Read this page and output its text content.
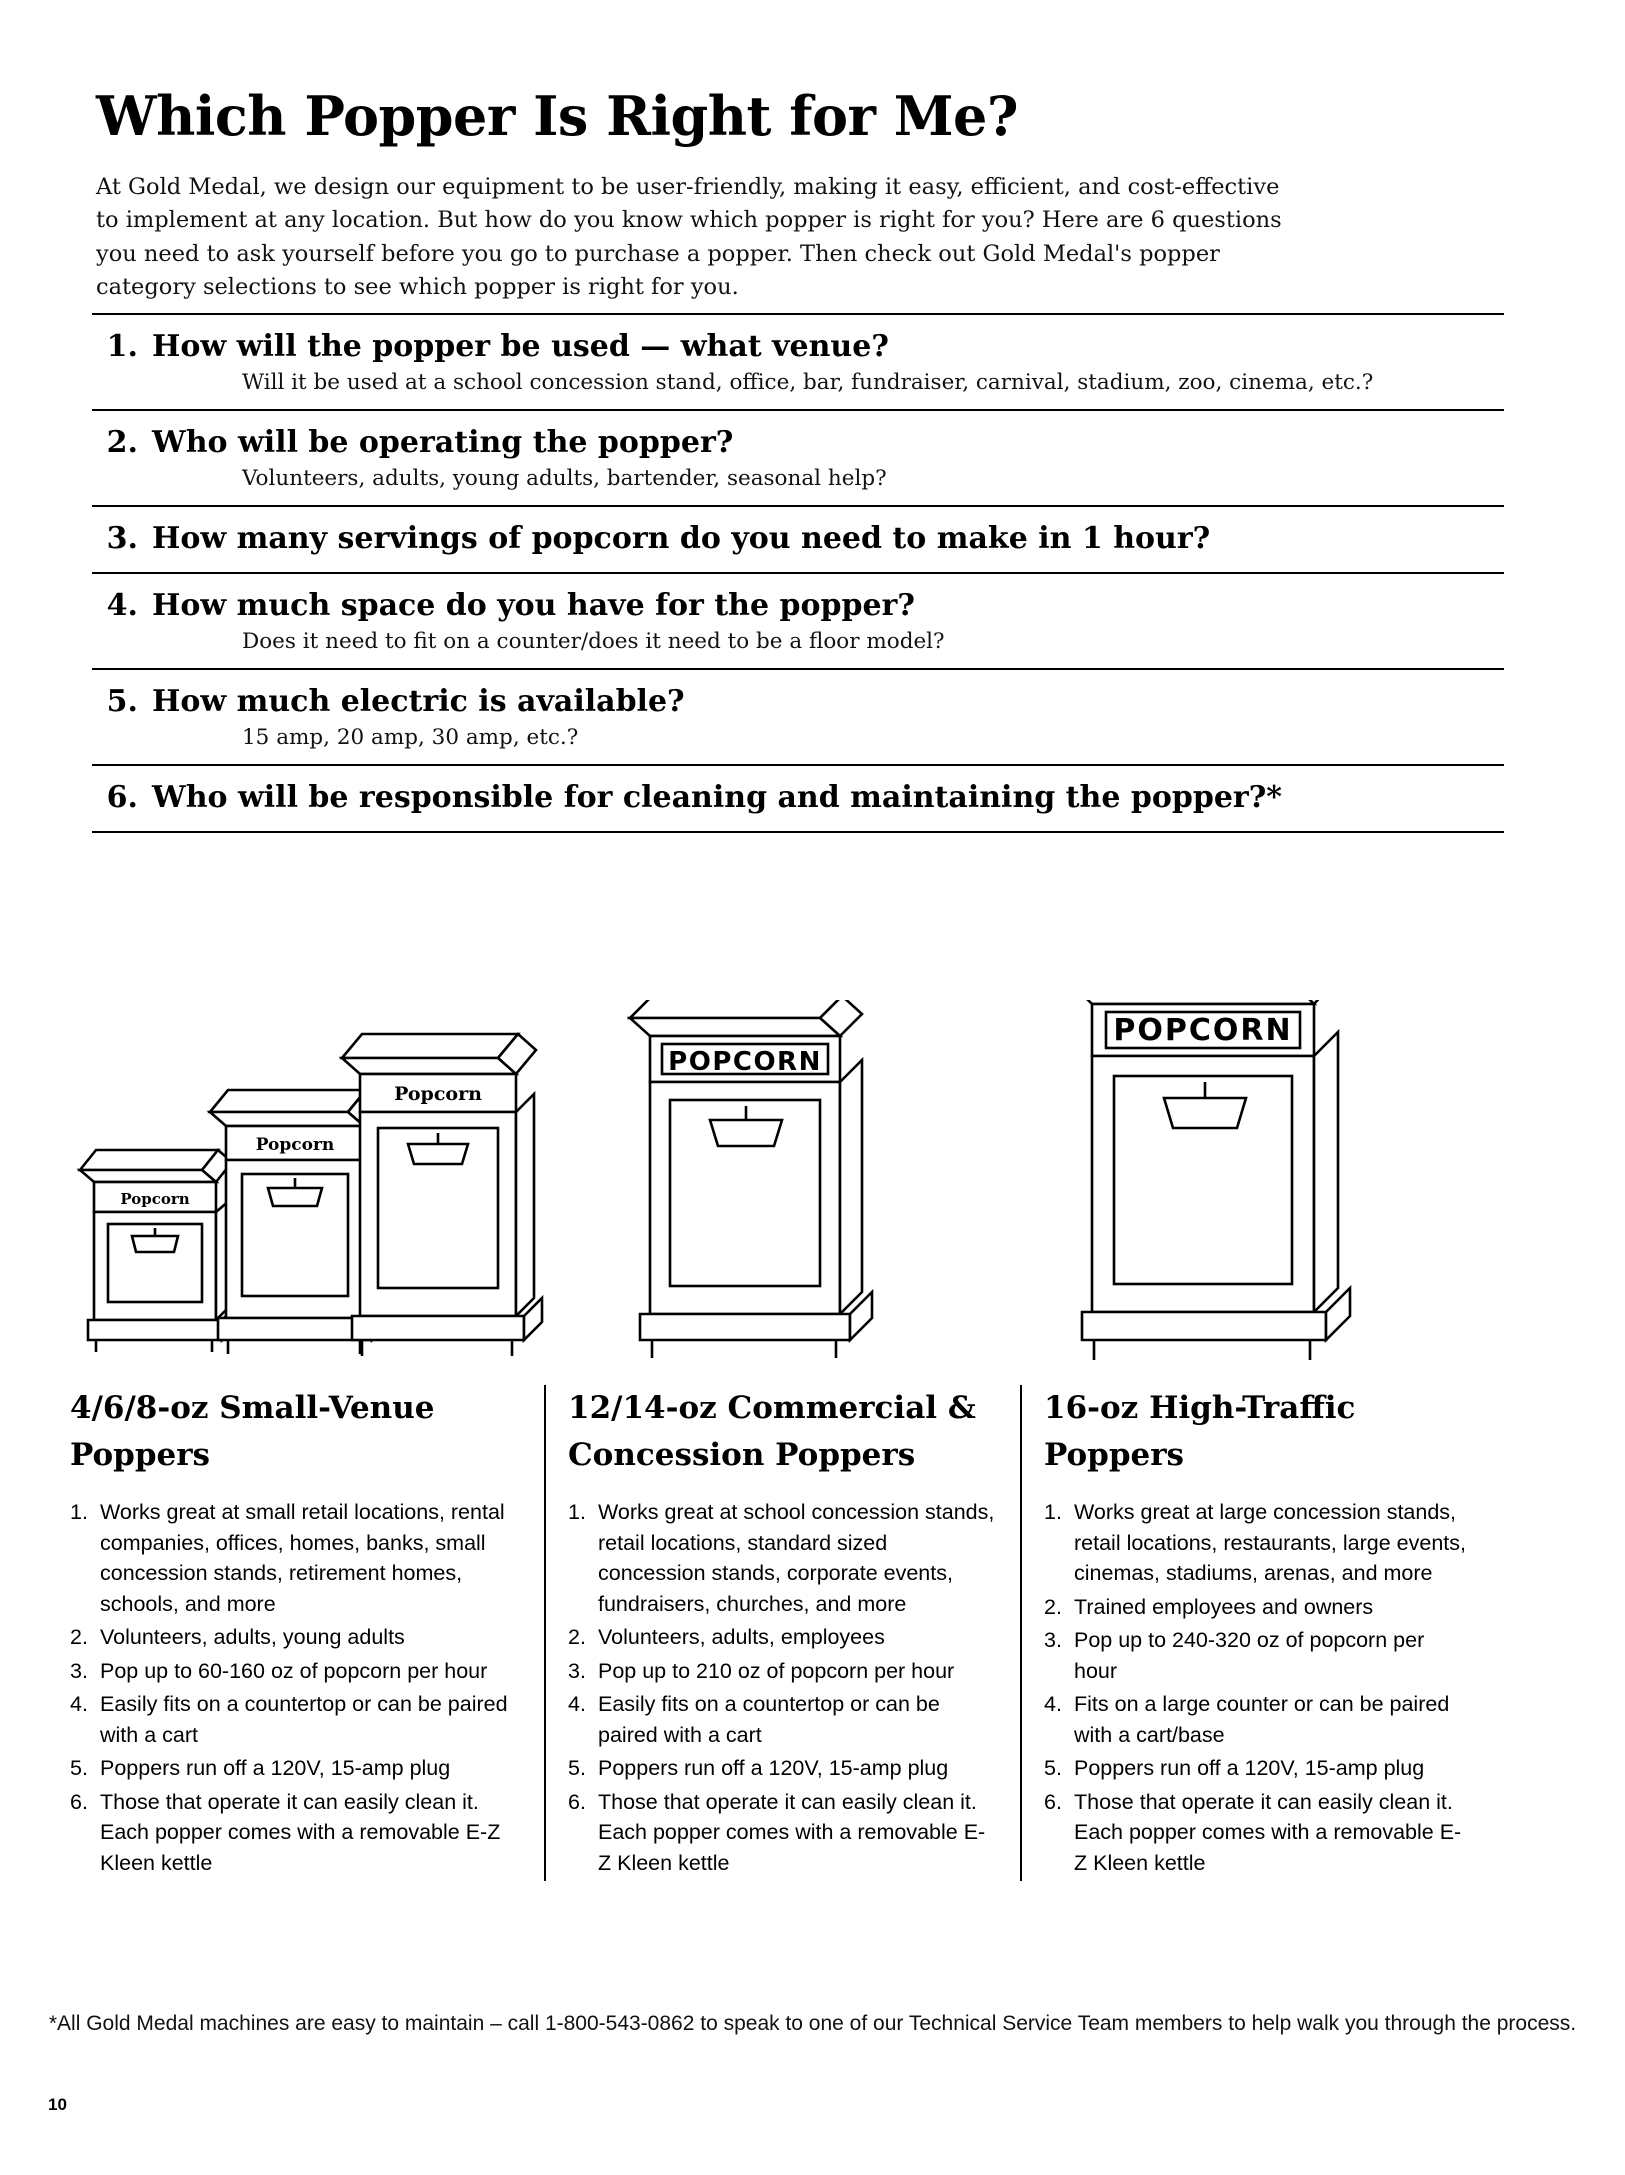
Which Popper Is Right for Me?

At Gold Medal, we design our equipment to be user-friendly, making it easy, efficient, and cost-effective to implement at any location. But how do you know which popper is right for you? Here are 6 questions you need to ask yourself before you go to purchase a popper. Then check out Gold Medal's popper category selections to see which popper is right for you.

1. How will the popper be used — what venue?
Will it be used at a school concession stand, office, bar, fundraiser, carnival, stadium, zoo, cinema, etc.?
2. Who will be operating the popper?
Volunteers, adults, young adults, bartender, seasonal help?
3. How many servings of popcorn do you need to make in 1 hour?
4. How much space do you have for the popper?
Does it need to fit on a counter/does it need to be a floor model?
5. How much electric is available?
15 amp, 20 amp, 30 amp, etc.?
6. Who will be responsible for cleaning and maintaining the popper?*
Popcorn
Popcorn
Popcorn
POPCORN
POPCORN
4/6/8-oz Small-Venue Poppers
Works great at small retail locations, rental companies, offices, homes, banks, small concession stands, retirement homes, schools, and more
Volunteers, adults, young adults
Pop up to 60-160 oz of popcorn per hour
Easily fits on a countertop or can be paired with a cart
Poppers run off a 120V, 15-amp plug
Those that operate it can easily clean it. Each popper comes with a removable E-Z Kleen kettle
12/14-oz Commercial & Concession Poppers
Works great at school concession stands, retail locations, standard sized concession stands, corporate events, fundraisers, churches, and more
Volunteers, adults, employees
Pop up to 210 oz of popcorn per hour
Easily fits on a countertop or can be paired with a cart
Poppers run off a 120V, 15-amp plug
Those that operate it can easily clean it. Each popper comes with a removable E-Z Kleen kettle
16-oz High-Traffic Poppers
Works great at large concession stands, retail locations, restaurants, large events, cinemas, stadiums, arenas, and more
Trained employees and owners
Pop up to 240-320 oz of popcorn per hour
Fits on a large counter or can be paired with a cart/base
Poppers run off a 120V, 15-amp plug
Those that operate it can easily clean it. Each popper comes with a removable E-Z Kleen kettle
*All Gold Medal machines are easy to maintain – call 1-800-543-0862 to speak to one of our Technical Service Team members to help walk you through the process.
10
